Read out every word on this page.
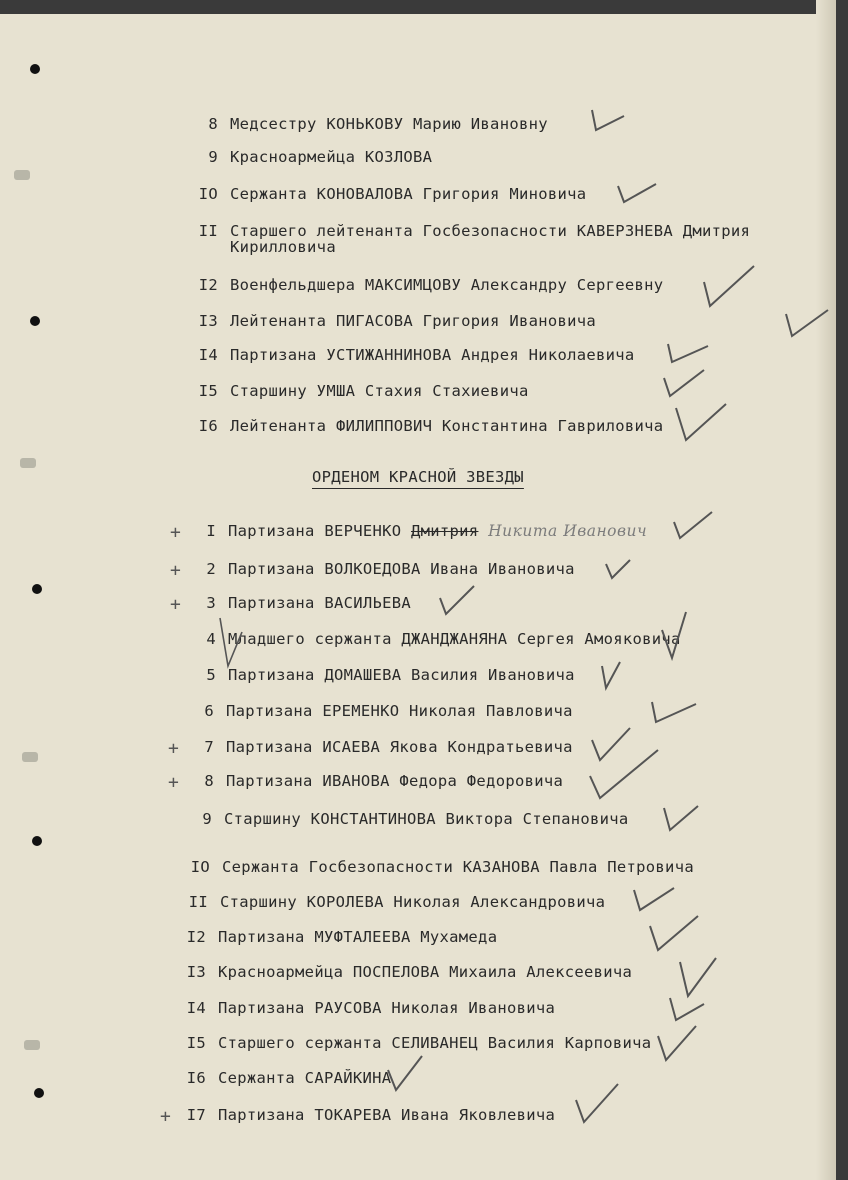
8 Медсестру КОНЬКОВУ Марию Ивановну
9 Красноармейца КОЗЛОВА
IO Сержанта КОНОВАЛОВА Григория Миновича
II Старшего лейтенанта Госбезопасности КАВЕРЗНЕВА Дмитрия
Кирилловича
I2 Военфельдшера МАКСИМЦОВУ Александру Сергеевну
I3 Лейтенанта ПИГАСОВА Григория Ивановича
I4 Партизана УСТИЖАННИНОВА Андрея Николаевича
I5 Старшину УМША Стахия Стахиевича
I6 Лейтенанта ФИЛИППОВИЧ Константина Гавриловича
ОРДЕНОМ КРАСНОЙ ЗВЕЗДЫ
+ I Партизана ВЕРЧЕНКО Дмитрия Никита Иванович
+ 2 Партизана ВОЛКОЕДОВА Ивана Ивановича
+ 3 Партизана ВАСИЛЬЕВА
4 Младшего сержанта ДЖАНДЖАНЯНА Сергея Амояковича
5 Партизана ДОМАШЕВА Василия Ивановича
6 Партизана ЕРЕМЕНКО Николая Павловича
+ 7 Партизана ИСАЕВА Якова Кондратьевича
+ 8 Партизана ИВАНОВА Федора Федоровича
9 Старшину КОНСТАНТИНОВА Виктора Степановича
IO Сержанта Госбезопасности КАЗАНОВА Павла Петровича
II Старшину КОРОЛЕВА Николая Александровича
I2 Партизана МУФТАЛЕЕВА Мухамеда
I3 Красноармейца ПОСПЕЛОВА Михаила Алексеевича
I4 Партизана РАУСОВА Николая Ивановича
I5 Старшего сержанта СЕЛИВАНЕЦ Василия Карповича
I6 Сержанта САРАЙКИНА
+ I7 Партизана ТОКАРЕВА Ивана Яковлевича
